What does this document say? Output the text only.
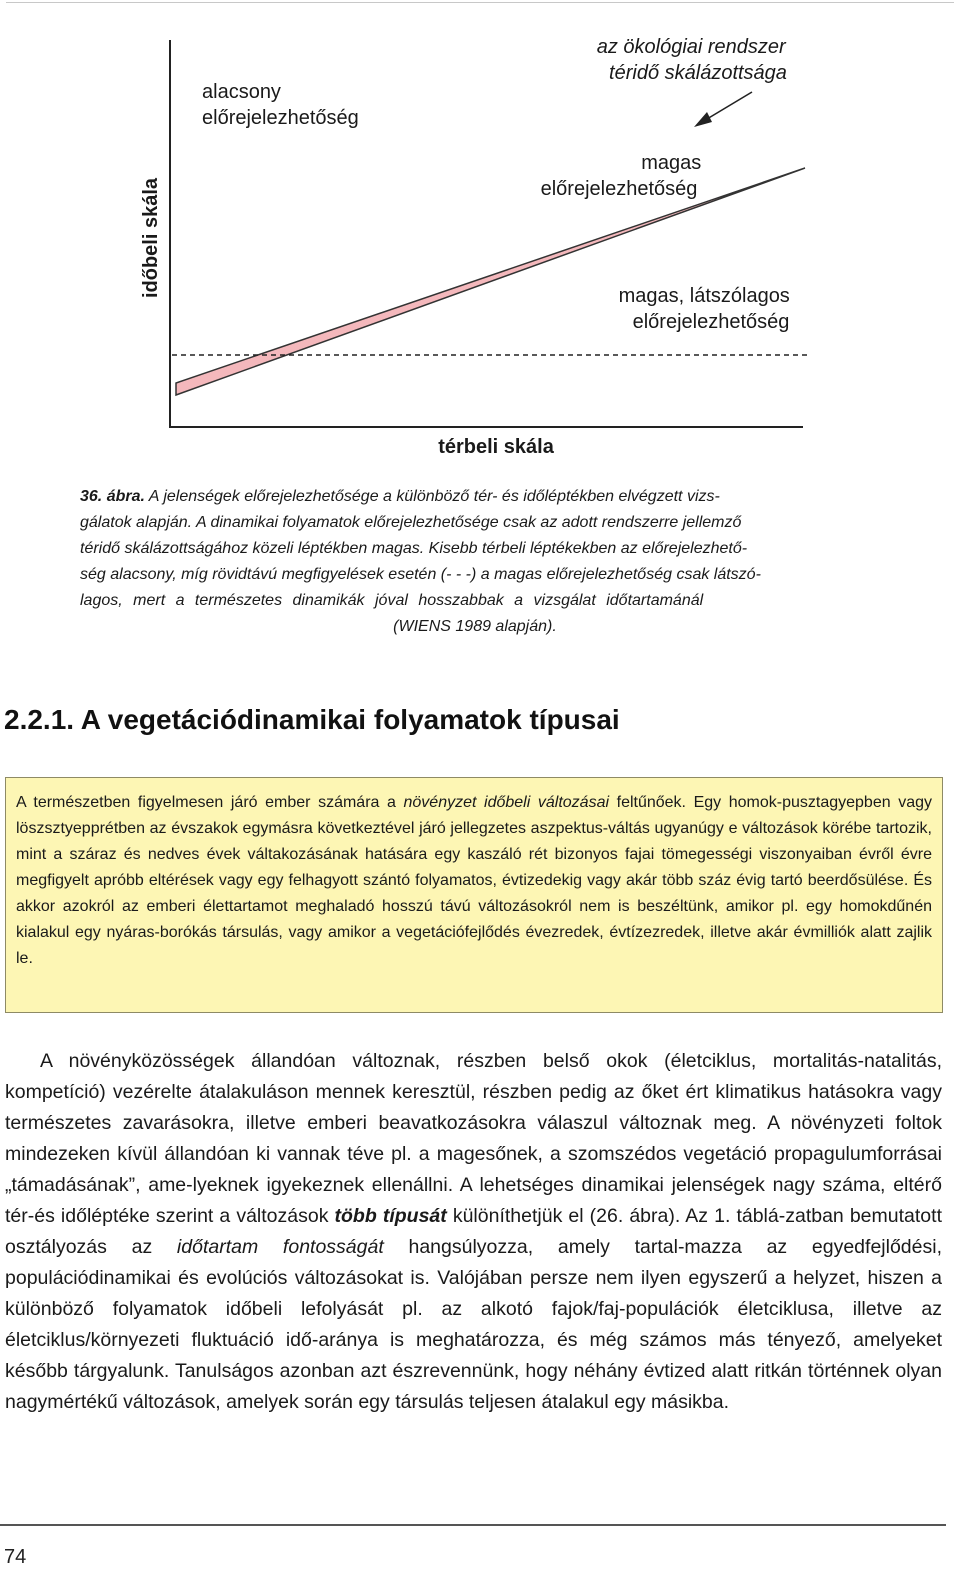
alacsony előrejelezhetőség
az ökológiai rendszer téridő skálázottsága
magas előrejelezhetőség
magas, látszólagos előrejelezhetőség
időbeli skála
térbeli skála
36. ábra. A jelenségek előrejelezhetősége a különböző tér- és időléptékben elvégzett vizs-
gálatok alapján. A dinamikai folyamatok előrejelezhetősége csak az adott rendszerre jellemző
téridő skálázottságához közeli léptékben magas. Kisebb térbeli léptékekben az előrejelezhető-
ség alacsony, míg rövidtávú megfigyelések esetén (- - -) a magas előrejelezhetőség csak látszó-
lagos, mert a természetes dinamikák jóval hosszabbak a vizsgálat időtartamánál
(WIENS 1989 alapján).
2.2.1. A vegetációdinamikai folyamatok típusai

A természetben figyelmesen járó ember számára a növényzet időbeli változásai feltűnőek. Egy homok-pusztagyepben vagy löszsztyepprétben az évszakok egymásra következtével járó jellegzetes aszpektus-váltás ugyanúgy e változások körébe tartozik, mint a száraz és nedves évek váltakozásának hatására egy kaszáló rét bizonyos fajai tömegességi viszonyaiban évről évre megfigyelt apróbb eltérések vagy egy felhagyott szántó folyamatos, évtizedekig vagy akár több száz évig tartó beerdősülése. És akkor azokról az emberi élettartamot meghaladó hosszú távú változásokról nem is beszéltünk, amikor pl. egy homokdűnén kialakul egy nyáras-borókás társulás, vagy amikor a vegetációfejlődés évezredek, évtízezredek, illetve akár évmilliók alatt zajlik le.

A növényközösségek állandóan változnak, részben belső okok (életciklus, mortalitás-natalitás, kompetíció) vezérelte átalakuláson mennek keresztül, részben pedig az őket ért klimatikus hatásokra vagy természetes zavarásokra, illetve emberi beavatkozásokra válaszul változnak meg. A növényzeti foltok mindezeken kívül állandóan ki vannak téve pl. a magesőnek, a szomszédos vegetáció propagulumforrásai „támadásának”, ame-lyeknek igyekeznek ellenállni. A lehetséges dinamikai jelenségek nagy száma, eltérő tér-és időléptéke szerint a változások több típusát különíthetjük el (26. ábra). Az 1. táblá-zatban bemutatott osztályozás az időtartam fontosságát hangsúlyozza, amely tartal-mazza az egyedfejlődési, populációdinamikai és evolúciós változásokat is. Valójában persze nem ilyen egyszerű a helyzet, hiszen a különböző folyamatok időbeli lefolyását pl. az alkotó fajok/faj-populációk életciklusa, illetve az életciklus/környezeti fluktuáció idő-aránya is meghatározza, és még számos más tényező, amelyeket később tárgyalunk. Tanulságos azonban azt észrevennünk, hogy néhány évtized alatt ritkán történnek olyan nagymértékű változások, amelyek során egy társulás teljesen átalakul egy másikba.

74
